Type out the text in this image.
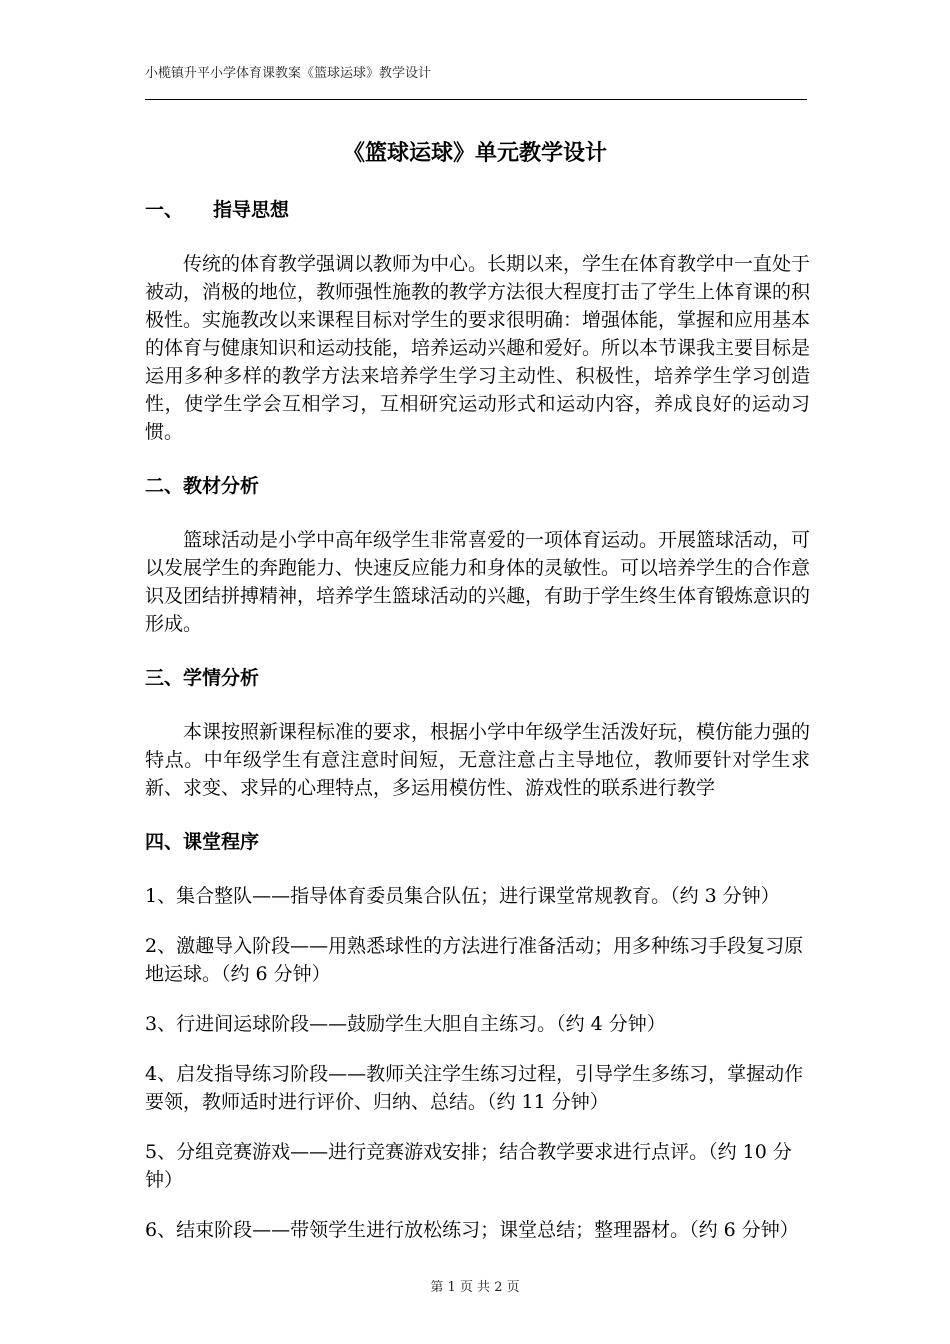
小榄镇升平小学体育课教案《篮球运球》教学设计
《篮球运球》单元教学设计
一、 指导思想

传统的体育教学强调以教师为中心。长期以来，学生在体育教学中一直处于被动，消极的地位，教师强性施教的教学方法很大程度打击了学生上体育课的积极性。实施教改以来课程目标对学生的要求很明确：增强体能，掌握和应用基本的体育与健康知识和运动技能，培养运动兴趣和爱好。所以本节课我主要目标是运用多种多样的教学方法来培养学生学习主动性、积极性，培养学生学习创造性，使学生学会互相学习，互相研究运动形式和运动内容，养成良好的运动习惯。

二、教材分析

篮球活动是小学中高年级学生非常喜爱的一项体育运动。开展篮球活动，可以发展学生的奔跑能力、快速反应能力和身体的灵敏性。可以培养学生的合作意识及团结拼搏精神，培养学生篮球活动的兴趣，有助于学生终生体育锻炼意识的形成。

三、学情分析

本课按照新课程标准的要求，根据小学中年级学生活泼好玩，模仿能力强的特点。中年级学生有意注意时间短，无意注意占主导地位，教师要针对学生求新、求变、求异的心理特点，多运用模仿性、游戏性的联系进行教学

四、课堂程序

1、集合整队——指导体育委员集合队伍；进行课堂常规教育。（约 3 分钟）

2、激趣导入阶段——用熟悉球性的方法进行准备活动；用多种练习手段复习原地运球。（约 6 分钟）

3、行进间运球阶段——鼓励学生大胆自主练习。（约 4 分钟）

4、启发指导练习阶段——教师关注学生练习过程，引导学生多练习，掌握动作要领，教师适时进行评价、归纳、总结。（约 11 分钟）

5、分组竞赛游戏——进行竞赛游戏安排；结合教学要求进行点评。（约 10 分钟）

6、结束阶段——带领学生进行放松练习；课堂总结；整理器材。（约 6 分钟）

第 1 页 共 2 页
